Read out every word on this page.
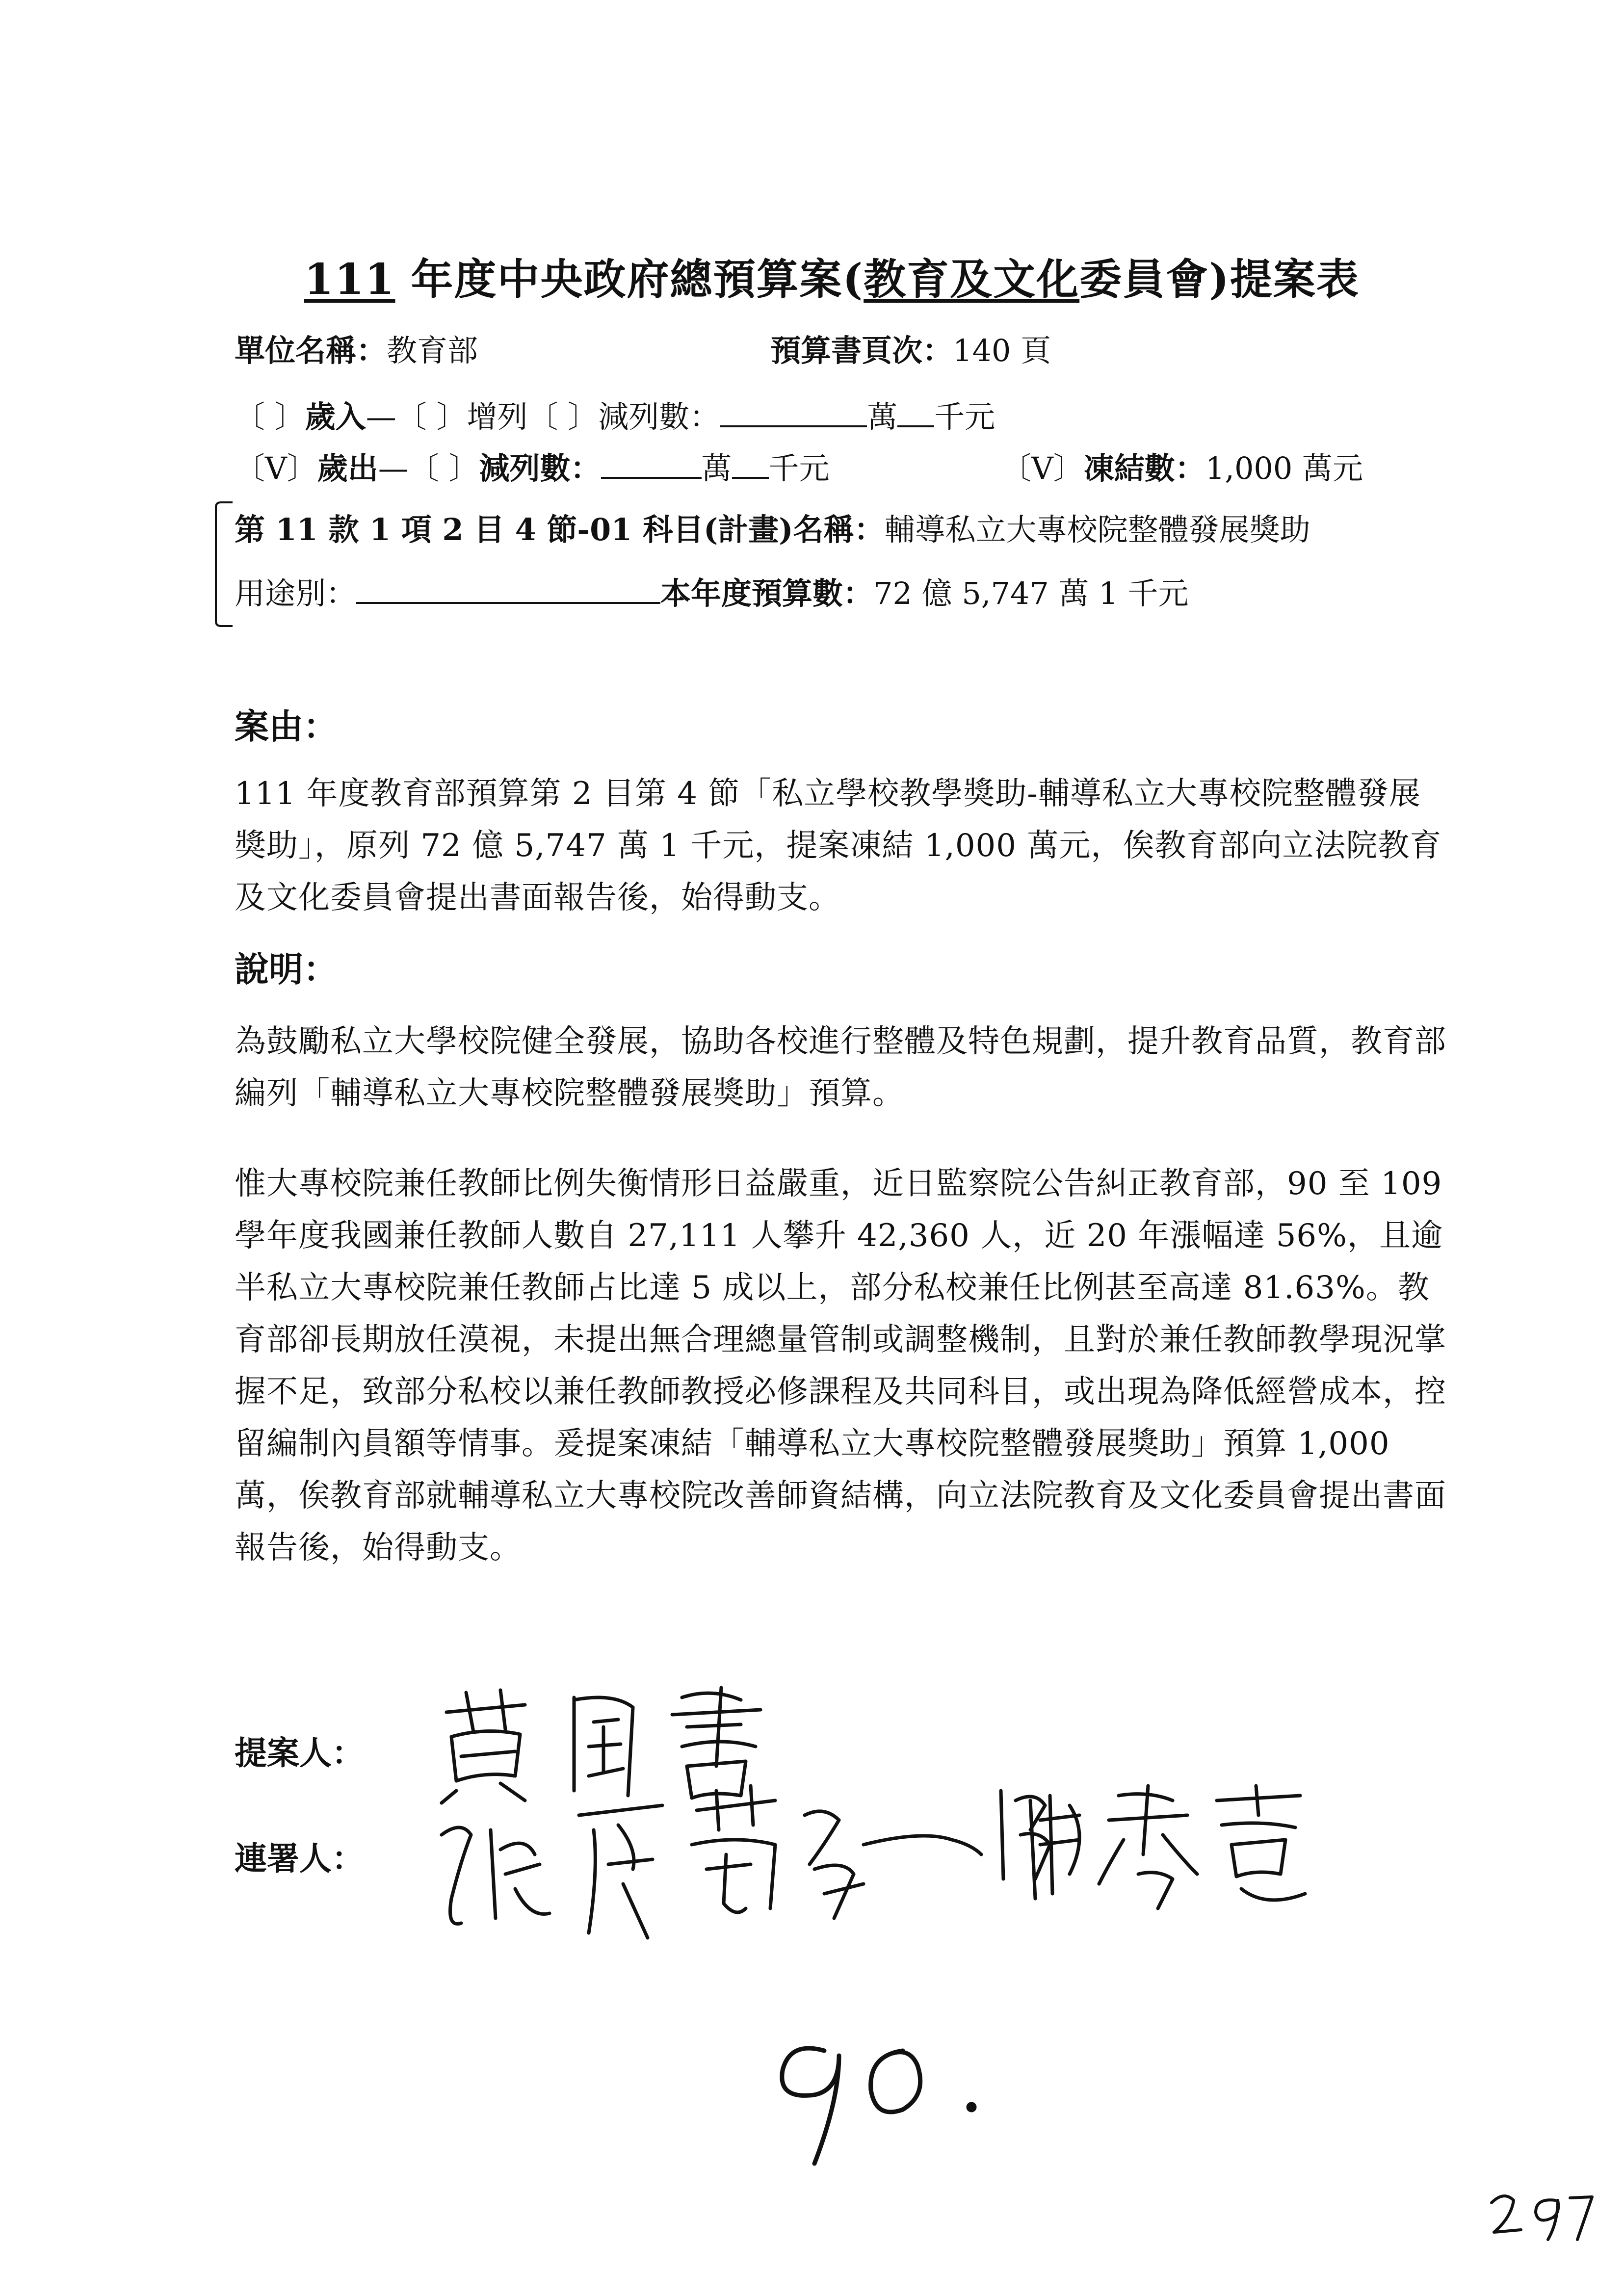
111 年度中央政府總預算案(教育及文化委員會)提案表
單位名稱：教育部	預算書頁次：140 頁
〔 〕歲入—〔 〕增列〔 〕減列數：	萬 千元
〔V〕歲出—〔 〕減列數：	萬 千元	〔V〕凍結數：1,000 萬元
第 11 款 1 項 2 目 4 節-01 科目(計畫)名稱：輔導私立大專校院整體發展獎助
用途別：	本年度預算數：72 億 5,747 萬 1 千元
案由：
111 年度教育部預算第 2 目第 4 節「私立學校教學獎助-輔導私立大專校院整體發展獎助」，原列 72 億 5,747 萬 1 千元，提案凍結 1,000 萬元，俟教育部向立法院教育及文化委員會提出書面報告後，始得動支。
說明：
為鼓勵私立大學校院健全發展，協助各校進行整體及特色規劃，提升教育品質，教育部編列「輔導私立大專校院整體發展獎助」預算。
惟大專校院兼任教師比例失衡情形日益嚴重，近日監察院公告糾正教育部，90 至 109 學年度我國兼任教師人數自 27,111 人攀升 42,360 人，近 20 年漲幅達 56%，且逾半私立大專校院兼任教師占比達 5 成以上，部分私校兼任比例甚至高達 81.63%。教育部卻長期放任漠視，未提出無合理總量管制或調整機制，且對於兼任教師教學現況掌握不足，致部分私校以兼任教師教授必修課程及共同科目，或出現為降低經營成本，控留編制內員額等情事。爰提案凍結「輔導私立大專校院整體發展獎助」預算 1,000 萬，俟教育部就輔導私立大專校院改善師資結構，向立法院教育及文化委員會提出書面報告後，始得動支。
提案人：
連署人：
